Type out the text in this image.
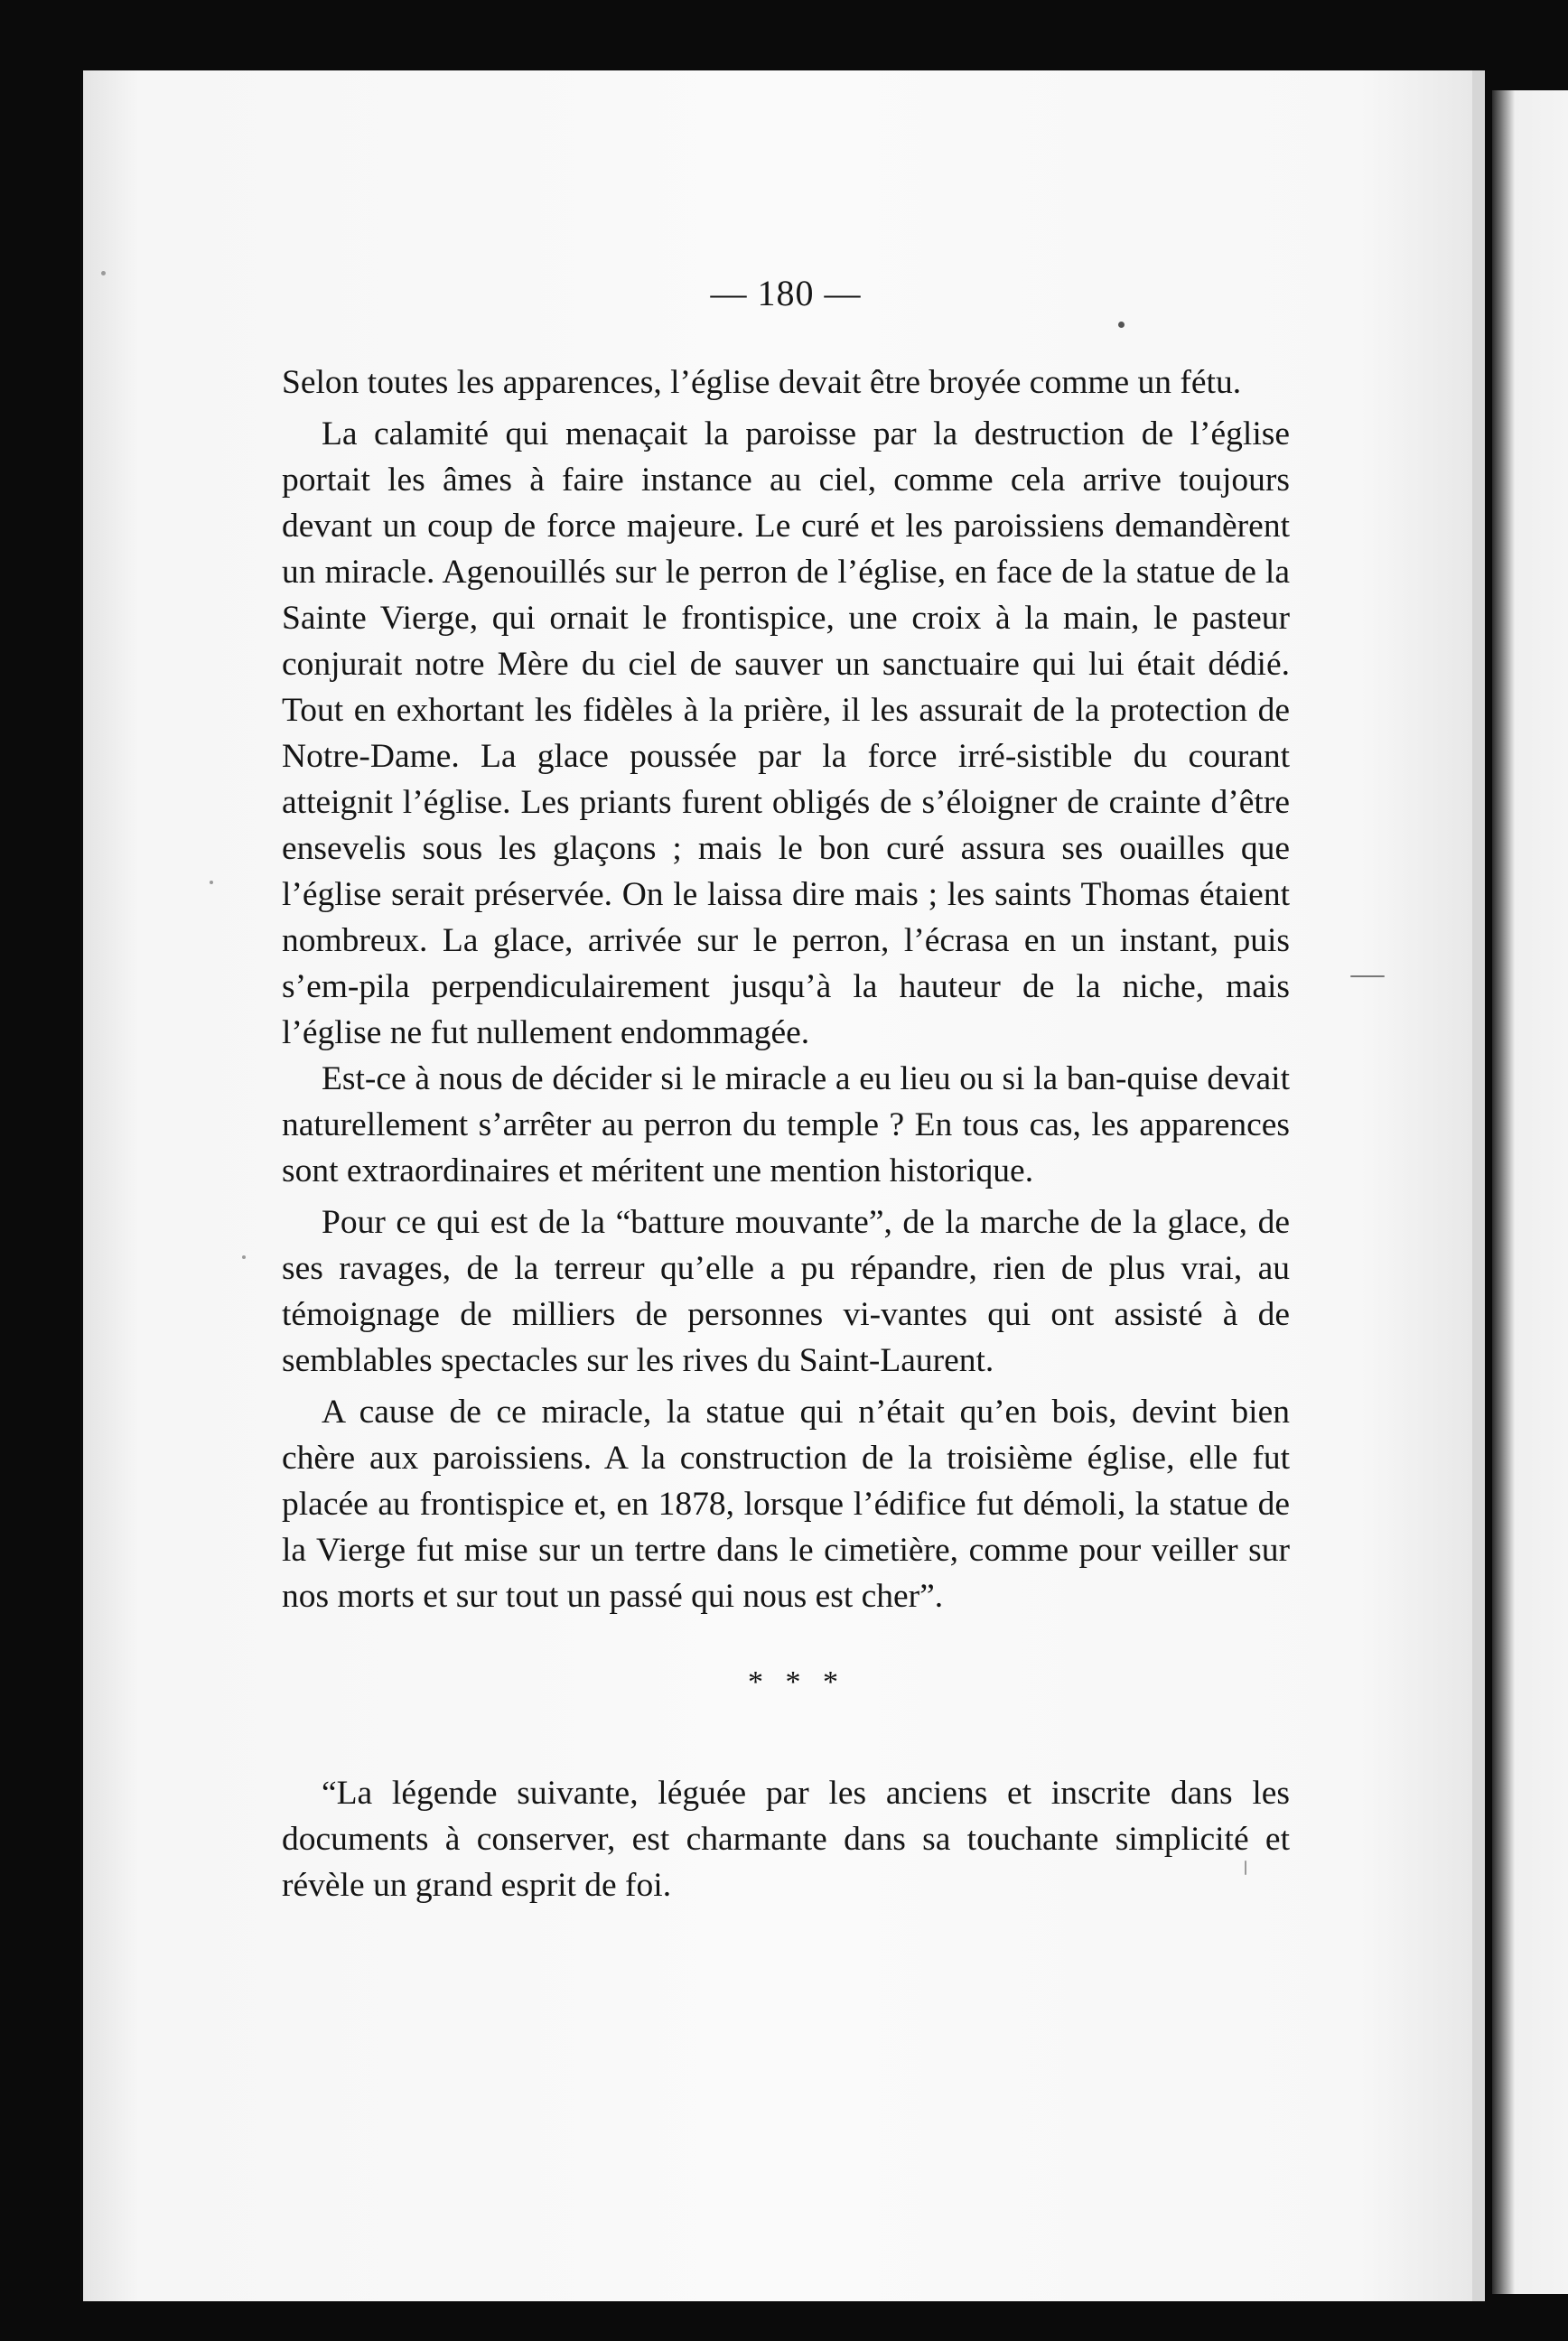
— 180 —

Selon toutes les apparences, l’église devait être broyée comme un fétu.

La calamité qui menaçait la paroisse par la destruction de l’église portait les âmes à faire instance au ciel, comme cela arrive toujours devant un coup de force majeure. Le curé et les paroissiens demandèrent un miracle. Agenouillés sur le perron de l’église, en face de la statue de la Sainte Vierge, qui ornait le frontispice, une croix à la main, le pasteur conjurait notre Mère du ciel de sauver un sanctuaire qui lui était dédié. Tout en exhortant les fidèles à la prière, il les assurait de la protection de Notre-Dame. La glace poussée par la force irré-sistible du courant atteignit l’église. Les priants furent obligés de s’éloigner de crainte d’être ensevelis sous les glaçons ; mais le bon curé assura ses ouailles que l’église serait préservée. On le laissa dire mais ; les saints Thomas étaient nombreux. La glace, arrivée sur le perron, l’écrasa en un instant, puis s’em-pila perpendiculairement jusqu’à la hauteur de la niche, mais l’église ne fut nullement endommagée.

Est-ce à nous de décider si le miracle a eu lieu ou si la ban-quise devait naturellement s’arrêter au perron du temple ? En tous cas, les apparences sont extraordinaires et méritent une mention historique.

Pour ce qui est de la “batture mouvante”, de la marche de la glace, de ses ravages, de la terreur qu’elle a pu répandre, rien de plus vrai, au témoignage de milliers de personnes vi-vantes qui ont assisté à de semblables spectacles sur les rives du Saint-Laurent.

A cause de ce miracle, la statue qui n’était qu’en bois, devint bien chère aux paroissiens. A la construction de la troisième église, elle fut placée au frontispice et, en 1878, lorsque l’édifice fut démoli, la statue de la Vierge fut mise sur un tertre dans le cimetière, comme pour veiller sur nos morts et sur tout un passé qui nous est cher”.

* * *

“La légende suivante, léguée par les anciens et inscrite dans les documents à conserver, est charmante dans sa touchante simplicité et révèle un grand esprit de foi.
